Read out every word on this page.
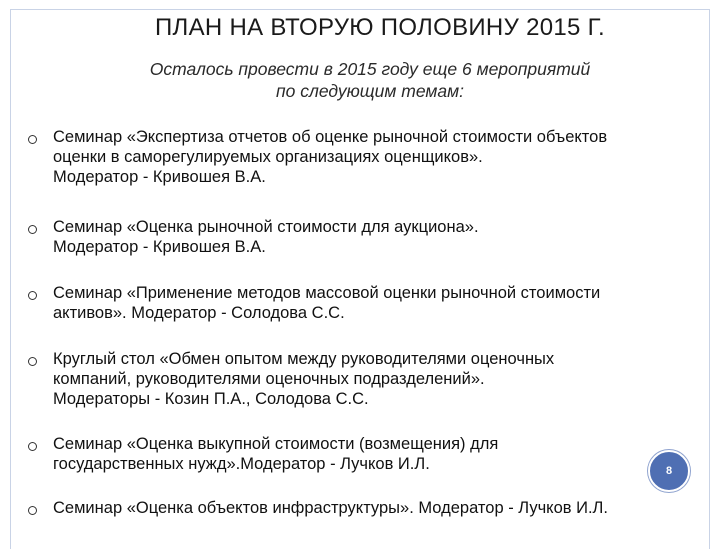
ПЛАН НА ВТОРУЮ ПОЛОВИНУ 2015 Г.
Осталось провести в 2015 году еще 6 мероприятий
по следующим темам:
Семинар «Экспертиза отчетов об оценке рыночной стоимости объектов
оценки в саморегулируемых организациях оценщиков».
Модератор - Кривошея В.А.
Семинар «Оценка рыночной стоимости для аукциона».
Модератор - Кривошея В.А.
Семинар «Применение методов массовой оценки рыночной стоимости
активов». Модератор - Солодова С.С.
Круглый стол «Обмен опытом между руководителями оценочных
компаний, руководителями оценочных подразделений».
Модераторы - Козин П.А., Солодова С.С.
Семинар «Оценка выкупной стоимости (возмещения) для
государственных нужд».Модератор - Лучков И.Л.
Семинар «Оценка объектов инфраструктуры». Модератор - Лучков И.Л.
8
